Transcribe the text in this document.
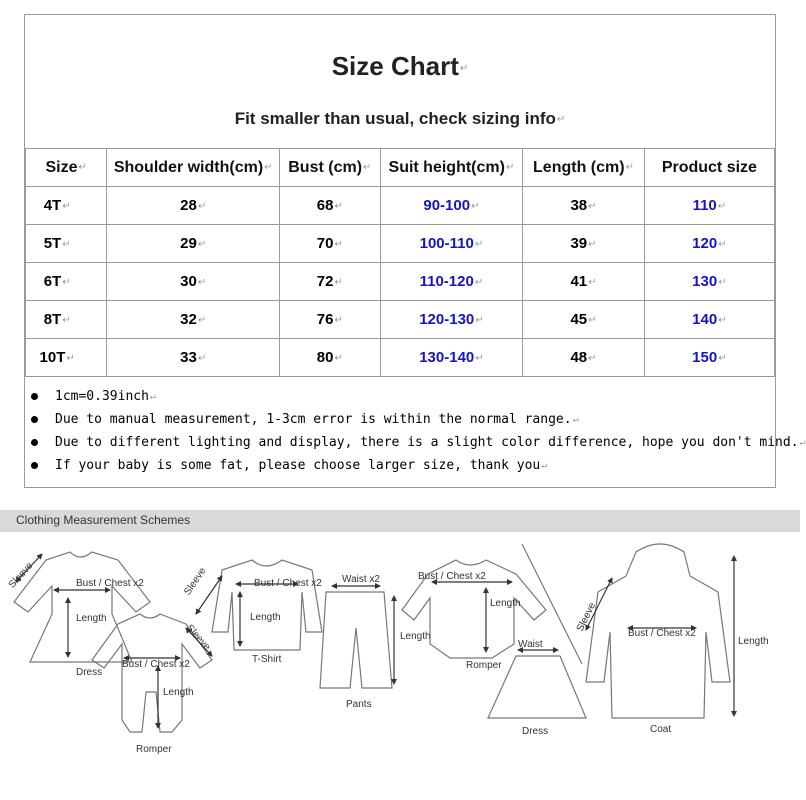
Size Chart↵
Fit smaller than usual, check sizing info↵
Size↵	Shoulder width(cm)↵	Bust (cm)↵	Suit height(cm)↵	Length (cm)↵	Product size
4T↵	28↵	68↵	90-100↵	38↵	110↵
5T↵	29↵	70↵	100-110↵	39↵	120↵
6T↵	30↵	72↵	110-120↵	41↵	130↵
8T↵	32↵	76↵	120-130↵	45↵	140↵
10T↵	33↵	80↵	130-140↵	48↵	150↵
1cm=0.39inch↵
Due to manual measurement, 1-3cm error is within the normal range.↵
Due to different lighting and display, there is a slight color difference, hope you don't mind.↵
If your baby is some fat, please choose larger size, thank you↵
Clothing Measurement Schemes
Sleeve	Bust / Chest x2
Length
Dress
Bust / Chest x2
Length
Sleeve
Romper
Sleeve	Bust / Chest x2
Length
T-Shirt
Waist x2
Length
Pants
Bust / Chest x2
Length
Romper
Waist
Dress
Sleeve
Bust / Chest x2
Length
Coat
